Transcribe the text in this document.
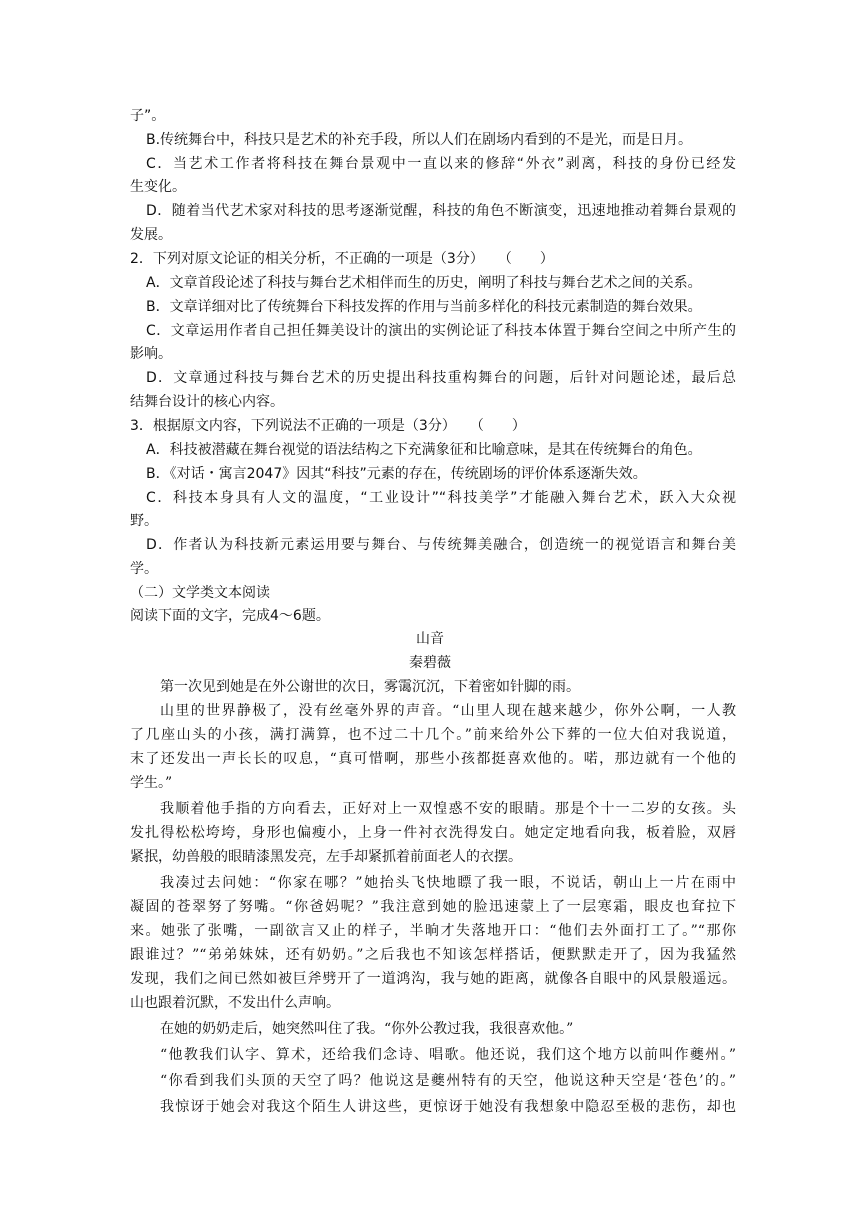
子”。
B.传统舞台中，科技只是艺术的补充手段，所以人们在剧场内看到的不是光，而是日月。
C．当艺术工作者将科技在舞台景观中一直以来的修辞“外衣”剥离，科技的身份已经发
生变化。
D．随着当代艺术家对科技的思考逐渐觉醒，科技的角色不断演变，迅速地推动着舞台景观的
发展。
2．下列对原文论证的相关分析，不正确的一项是（3分）　　（　　）
A．文章首段论述了科技与舞台艺术相伴而生的历史，阐明了科技与舞台艺术之间的关系。
B．文章详细对比了传统舞台下科技发挥的作用与当前多样化的科技元素制造的舞台效果。
C．文章运用作者自己担任舞美设计的演出的实例论证了科技本体置于舞台空间之中所产生的
影响。
D．文章通过科技与舞台艺术的历史提出科技重构舞台的问题，后针对问题论述，最后总
结舞台设计的核心内容。
3．根据原文内容，下列说法不正确的一项是（3分）　　（　　）
A．科技被潜藏在舞台视觉的语法结构之下充满象征和比喻意味，是其在传统舞台的角色。
B．《对话・寓言2047》因其“科技”元素的存在，传统剧场的评价体系逐渐失效。
C．科技本身具有人文的温度，“工业设计”“科技美学”才能融入舞台艺术，跃入大众视
野。
D．作者认为科技新元素运用要与舞台、与传统舞美融合，创造统一的视觉语言和舞台美
学。
（二）文学类文本阅读
阅读下面的文字，完成4～6题。
山音
秦碧薇
第一次见到她是在外公谢世的次日，雾霭沉沉，下着密如针脚的雨。
山里的世界静极了，没有丝毫外界的声音。“山里人现在越来越少，你外公啊，一人教
了几座山头的小孩，满打满算，也不过二十几个。”前来给外公下葬的一位大伯对我说道，
末了还发出一声长长的叹息，“真可惜啊，那些小孩都挺喜欢他的。喏，那边就有一个他的
学生。”
我顺着他手指的方向看去，正好对上一双惶惑不安的眼睛。那是个十一二岁的女孩。头
发扎得松松垮垮，身形也偏瘦小，上身一件衬衣洗得发白。她定定地看向我，板着脸，双唇
紧抿，幼兽般的眼睛漆黑发亮，左手却紧抓着前面老人的衣摆。
我凑过去问她：“你家在哪？”她抬头飞快地瞟了我一眼，不说话，朝山上一片在雨中
凝固的苍翠努了努嘴。“你爸妈呢？”我注意到她的脸迅速蒙上了一层寒霜，眼皮也耷拉下
来。她张了张嘴，一副欲言又止的样子，半晌才失落地开口：“他们去外面打工了。”“那你
跟谁过？”“弟弟妹妹，还有奶奶。”之后我也不知该怎样搭话，便默默走开了，因为我猛然
发现，我们之间已然如被巨斧劈开了一道鸿沟，我与她的距离，就像各自眼中的风景般遥远。
山也跟着沉默，不发出什么声响。
在她的奶奶走后，她突然叫住了我。“你外公教过我，我很喜欢他。”
“他教我们认字、算术，还给我们念诗、唱歌。他还说，我们这个地方以前叫作夔州。”
“你看到我们头顶的天空了吗？他说这是夔州特有的天空，他说这种天空是‘苍色’的。”
我惊讶于她会对我这个陌生人讲这些，更惊讶于她没有我想象中隐忍至极的悲伤，却也
